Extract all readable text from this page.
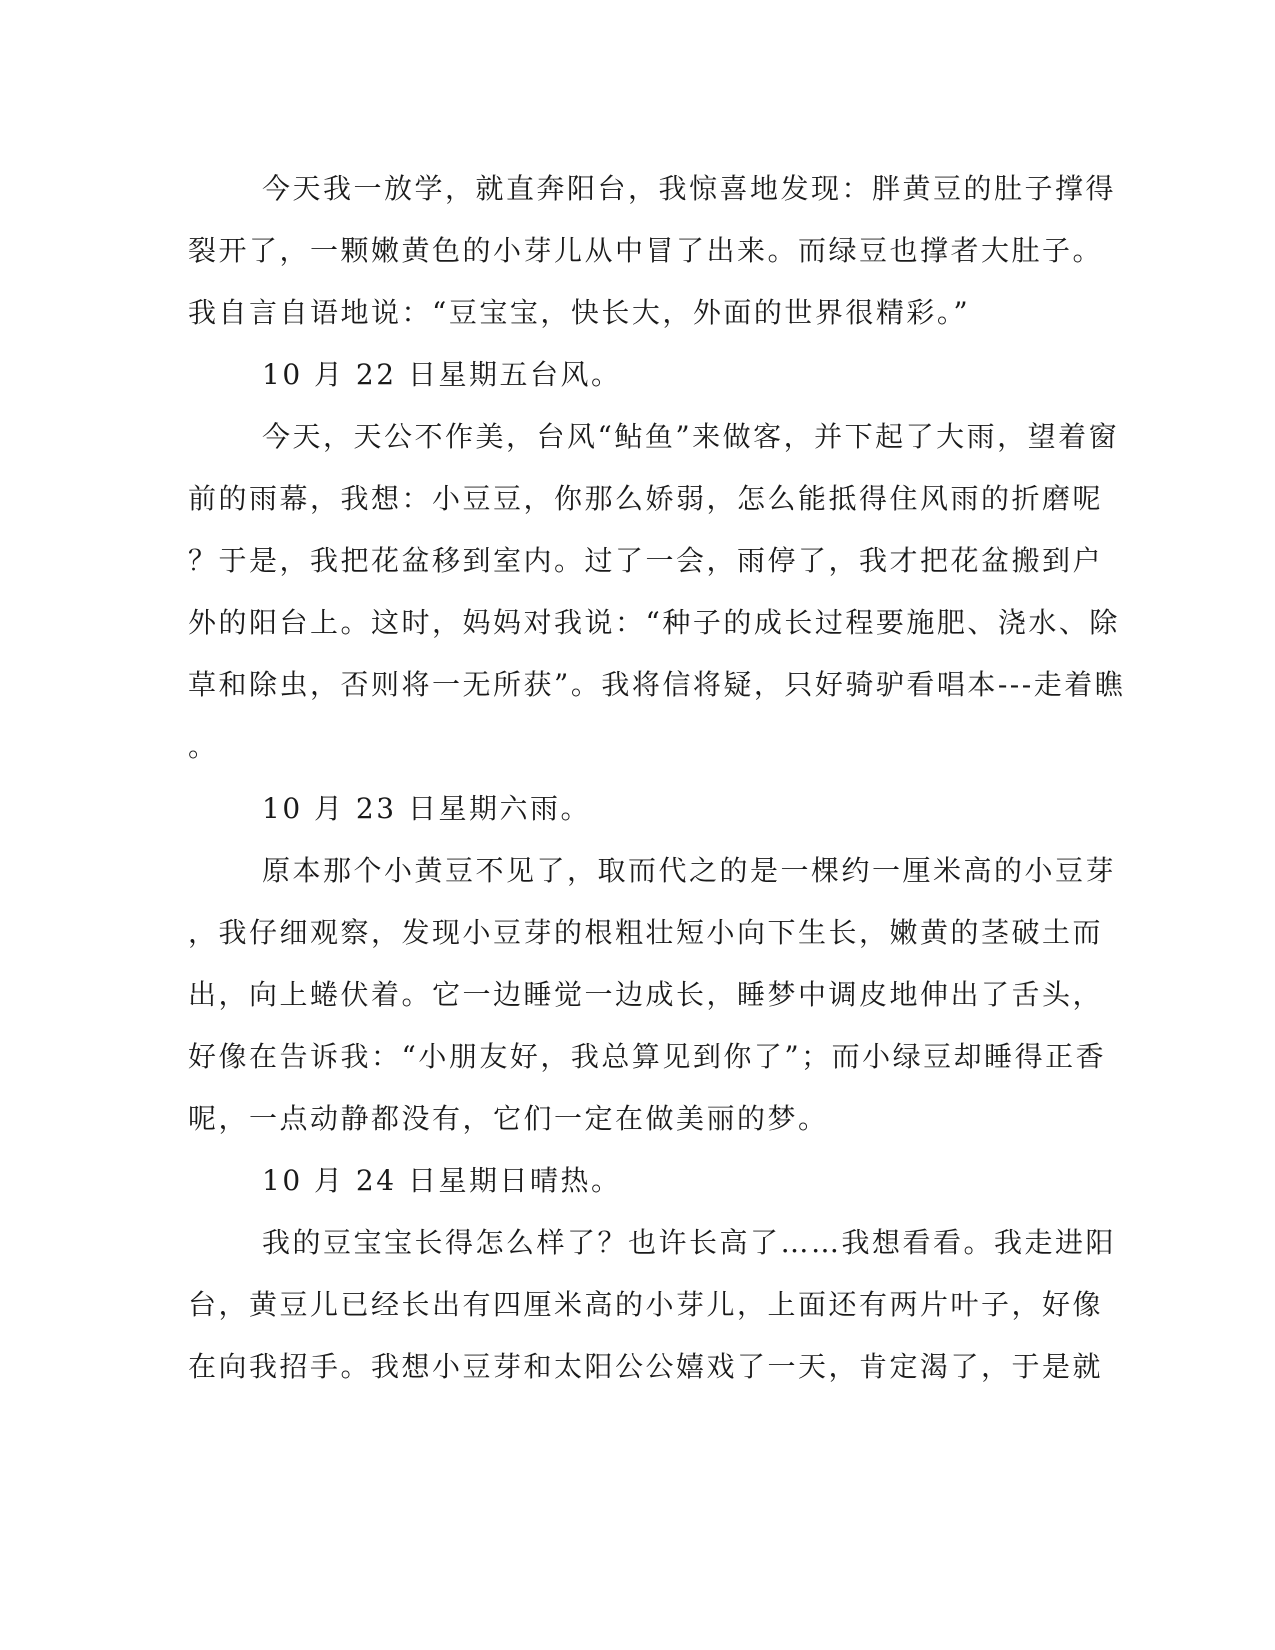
今天我一放学，就直奔阳台，我惊喜地发现：胖黄豆的肚子撑得
裂开了，一颗嫩黄色的小芽儿从中冒了出来。而绿豆也撑者大肚子。
我自言自语地说：“豆宝宝，快长大，外面的世界很精彩。”
10 月 22 日星期五台风。
今天，天公不作美，台风“鲇鱼”来做客，并下起了大雨，望着窗
前的雨幕，我想：小豆豆，你那么娇弱，怎么能抵得住风雨的折磨呢
？于是，我把花盆移到室内。过了一会，雨停了，我才把花盆搬到户
外的阳台上。这时，妈妈对我说：“种子的成长过程要施肥、浇水、除
草和除虫，否则将一无所获”。我将信将疑，只好骑驴看唱本---走着瞧
。
10 月 23 日星期六雨。
原本那个小黄豆不见了，取而代之的是一棵约一厘米高的小豆芽
，我仔细观察，发现小豆芽的根粗壮短小向下生长，嫩黄的茎破土而
出，向上蜷伏着。它一边睡觉一边成长，睡梦中调皮地伸出了舌头，
好像在告诉我：“小朋友好，我总算见到你了”；而小绿豆却睡得正香
呢，一点动静都没有，它们一定在做美丽的梦。
10 月 24 日星期日晴热。
我的豆宝宝长得怎么样了？也许长高了……我想看看。我走进阳
台，黄豆儿已经长出有四厘米高的小芽儿，上面还有两片叶子，好像
在向我招手。我想小豆芽和太阳公公嬉戏了一天，肯定渴了，于是就
